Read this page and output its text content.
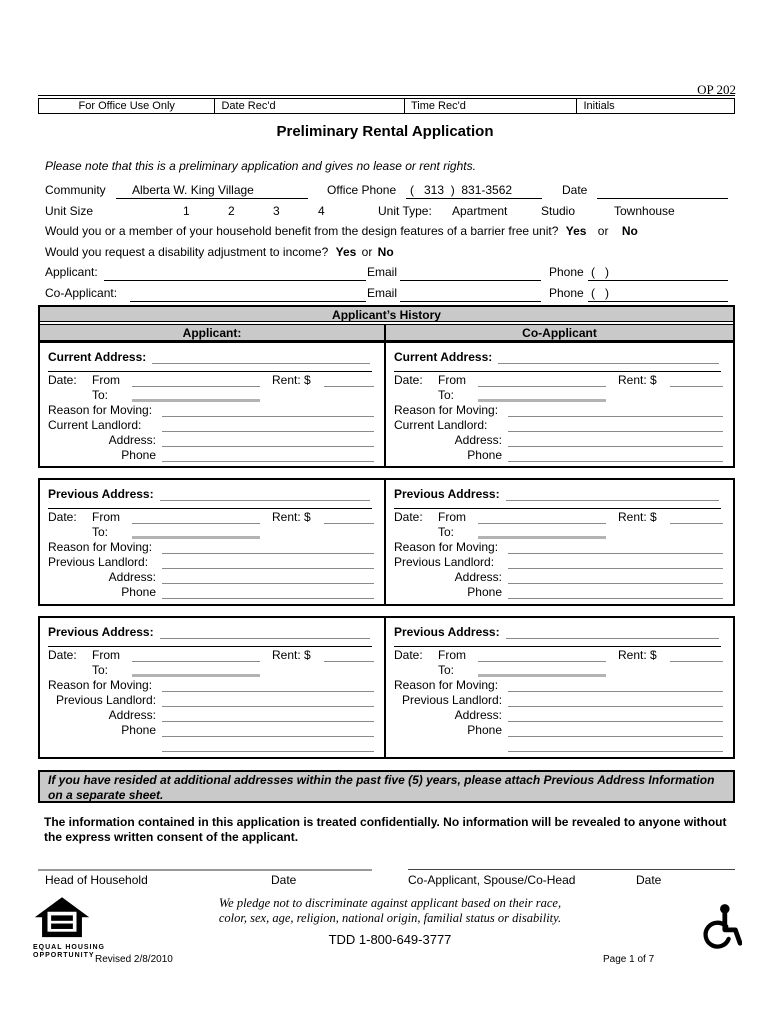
OP 202
For Office Use Only	Date Rec'd	Time Rec'd	Initials
Preliminary Rental Application
Please note that this is a preliminary application and gives no lease or rent rights.
Community	Alberta W. King Village	Office Phone	(   313  )  831-3562	Date
Unit Size	1	2	3	4	Unit Type: Apartment	Studio	Townhouse
Would you or a member of your household benefit from the design features of a barrier free unit? Yes or No
Would you request a disability adjustment to income? Yes or No
Applicant:	Email	Phone (   )
Co-Applicant:	Email	Phone (   )
Applicant’s History
Applicant:	Co-Applicant
Current Address:
Date:	From	Rent: $
To:
Reason for Moving:
Current Landlord:
Address:
Phone
Current Address:
Date:	From	Rent: $
To:
Reason for Moving:
Current Landlord:
Address:
Phone
Previous Address:
Date:	From	Rent: $
To:
Reason for Moving:
Previous Landlord:
Address:
Phone
Previous Address:
Date:	From	Rent: $
To:
Reason for Moving:
Previous Landlord:
Address:
Phone
Previous Address:
Date:	From	Rent: $
To:
Reason for Moving:
Previous Landlord:
Address:
Phone
Previous Address:
Date:	From	Rent: $
To:
Reason for Moving:
Previous Landlord:
Address:
Phone
If you have resided at additional addresses within the past five (5) years, please attach Previous Address Information on a separate sheet.
The information contained in this application is treated confidentially. No information will be revealed to anyone without the express written consent of the applicant.
Head of Household	Date	Co-Applicant, Spouse/Co-Head	Date
EQUAL HOUSING
OPPORTUNITY
We pledge not to discriminate against applicant based on their race,
color, sex, age, religion, national origin, familial status or disability.
TDD 1-800-649-3777
Revised 2/8/2010	Page 1 of 7
